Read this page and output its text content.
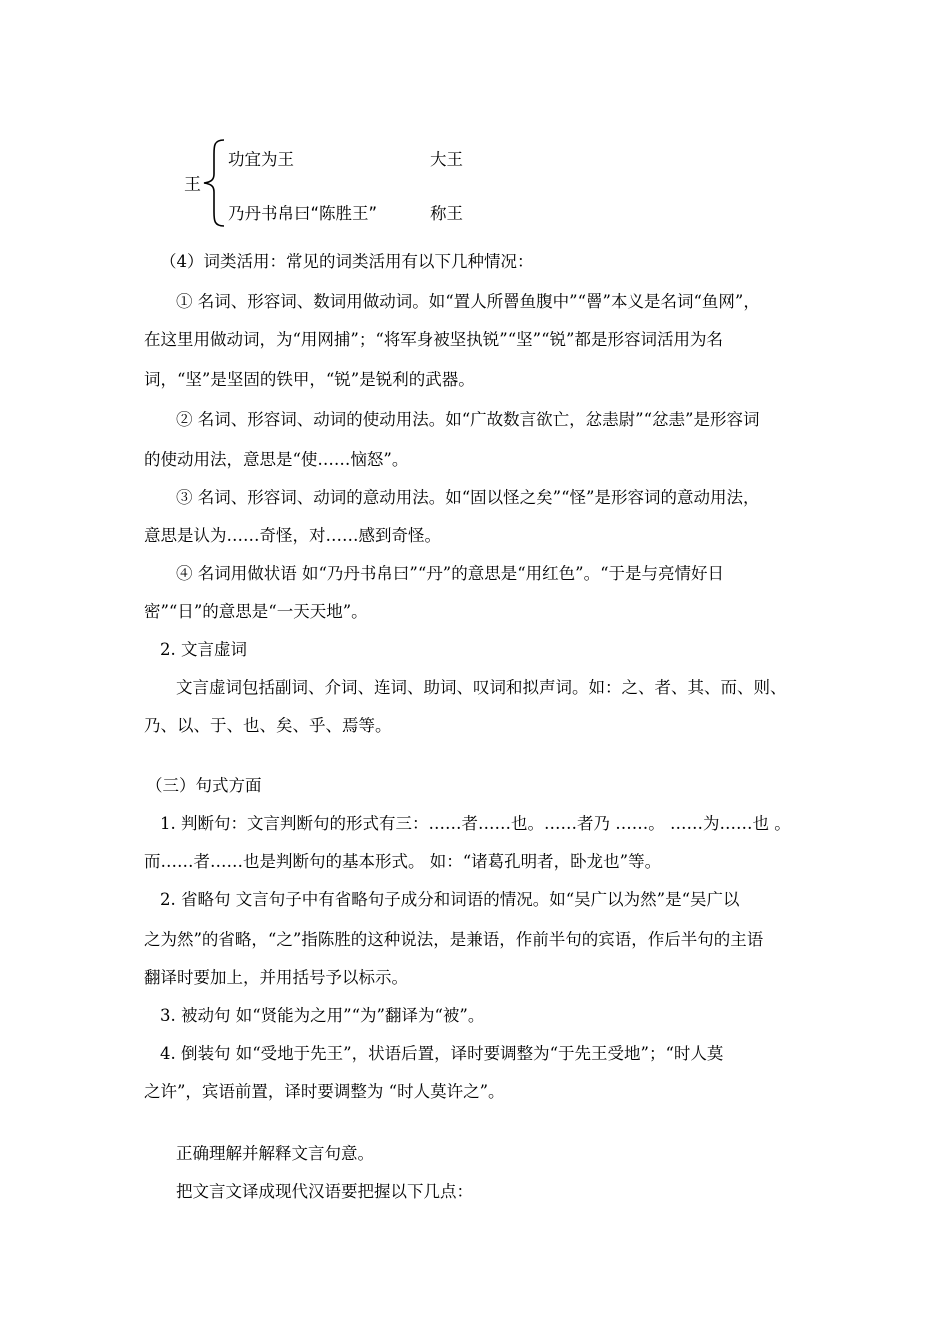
王
功宜为王	大王
乃丹书帛曰“陈胜王”	称王
（4）词类活用：常见的词类活用有以下几种情况：
① 名词、形容词、数词用做动词。如“置人所罾鱼腹中”“罾”本义是名词“鱼网”，
在这里用做动词，为“用网捕”；“将军身被坚执锐”“坚”“锐”都是形容词活用为名
词，“坚”是坚固的铁甲，“锐”是锐利的武器。
② 名词、形容词、动词的使动用法。如“广故数言欲亡，忿恚尉”“忿恚”是形容词
的使动用法，意思是“使……恼怒”。
③ 名词、形容词、动词的意动用法。如“固以怪之矣”“怪”是形容词的意动用法，
意思是认为……奇怪，对……感到奇怪。
④ 名词用做状语 如“乃丹书帛曰”“丹”的意思是“用红色”。“于是与亮情好日
密”“日”的意思是“一天天地”。
2. 文言虚词
文言虚词包括副词、介词、连词、助词、叹词和拟声词。如：之、者、其、而、则、
乃、以、于、也、矣、乎、焉等。
（三）句式方面
1. 判断句：文言判断句的形式有三：……者……也。……者乃 ……。 ……为……也 。
而……者……也是判断句的基本形式。 如：“诸葛孔明者，卧龙也”等。
2. 省略句 文言句子中有省略句子成分和词语的情况。如“吴广以为然”是“吴广以
之为然”的省略，“之”指陈胜的这种说法，是兼语，作前半句的宾语，作后半句的主语
翻译时要加上，并用括号予以标示。
3. 被动句 如“贤能为之用”“为”翻译为“被”。
4. 倒装句 如“受地于先王”，状语后置，译时要调整为“于先王受地”；“时人莫
之许”，宾语前置，译时要调整为 “时人莫许之”。
正确理解并解释文言句意。
把文言文译成现代汉语要把握以下几点：
